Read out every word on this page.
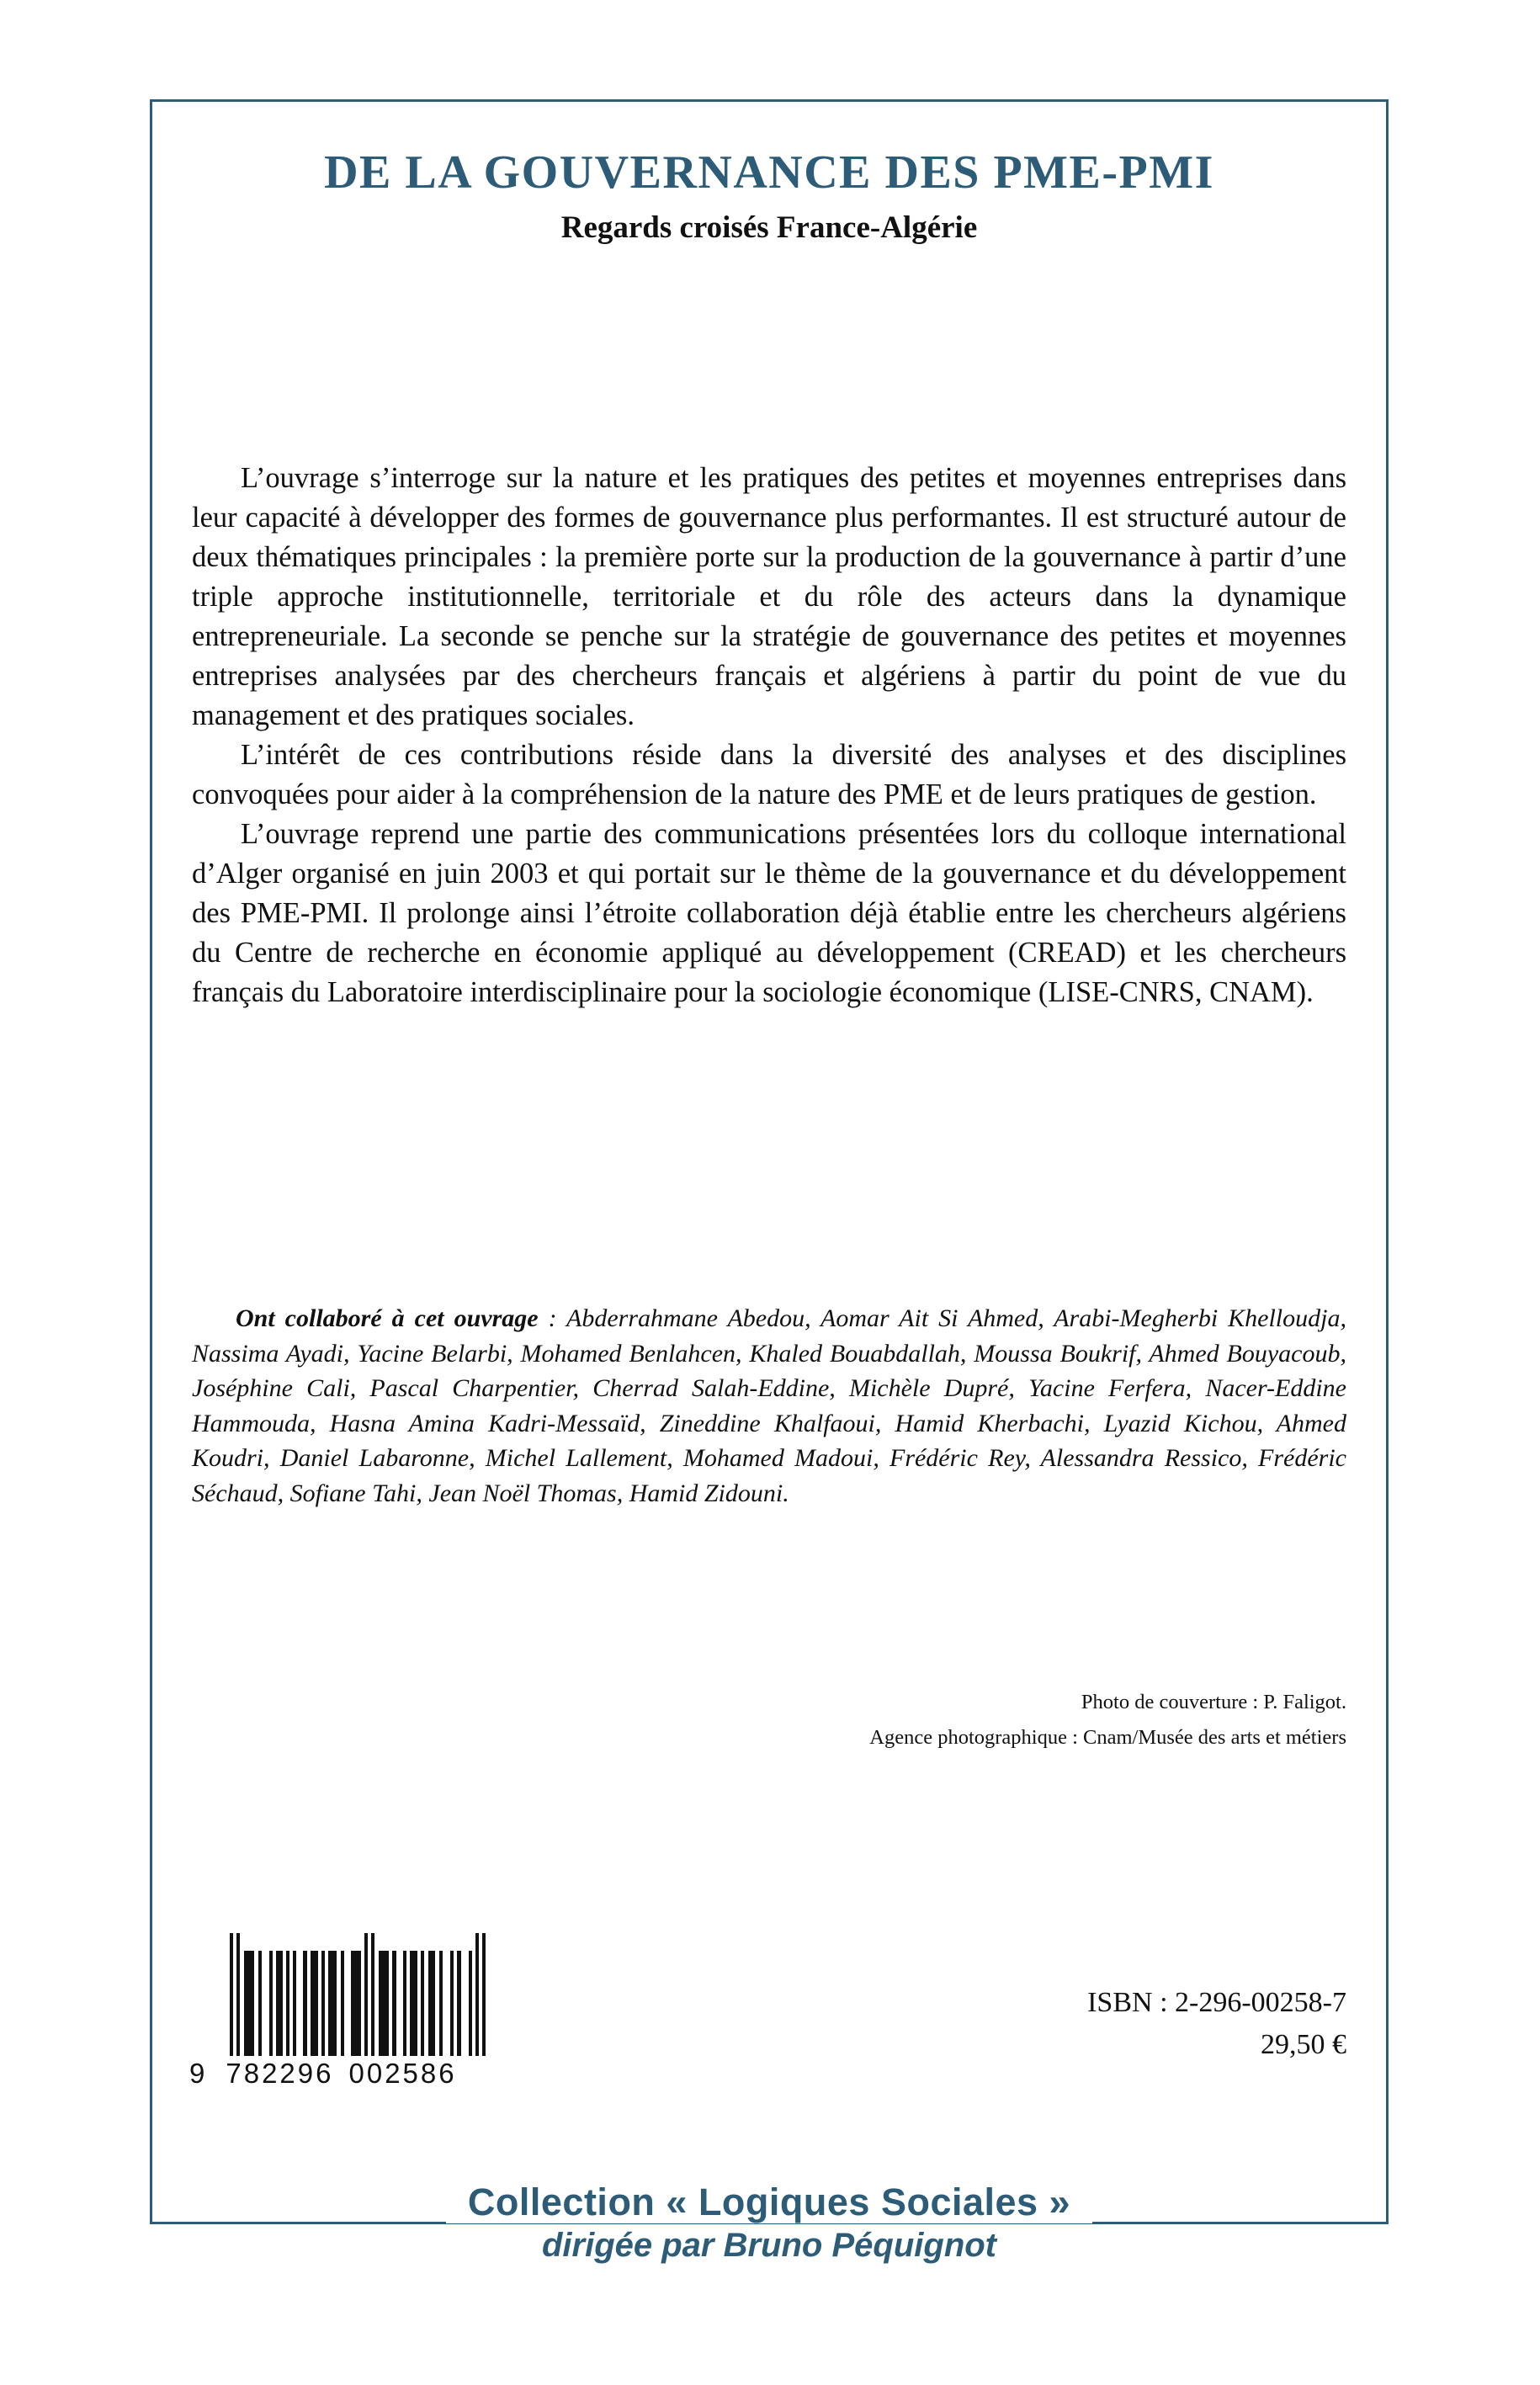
DE LA GOUVERNANCE DES PME-PMI
Regards croisés France-Algérie

L’ouvrage s’interroge sur la nature et les pratiques des petites et moyennes entreprises dans leur capacité à développer des formes de gouvernance plus performantes. Il est structuré autour de deux thématiques principales : la première porte sur la production de la gouvernance à partir d’une triple approche institutionnelle, territoriale et du rôle des acteurs dans la dynamique entrepreneuriale. La seconde se penche sur la stratégie de gouvernance des petites et moyennes entreprises analysées par des chercheurs français et algériens à partir du point de vue du management et des pratiques sociales.

L’intérêt de ces contributions réside dans la diversité des analyses et des disciplines convoquées pour aider à la compréhension de la nature des PME et de leurs pratiques de gestion.

L’ouvrage reprend une partie des communications présentées lors du colloque international d’Alger organisé en juin 2003 et qui portait sur le thème de la gouvernance et du développement des PME-PMI. Il prolonge ainsi l’étroite collaboration déjà établie entre les chercheurs algériens du Centre de recherche en économie appliqué au développement (CREAD) et les chercheurs français du Laboratoire interdisciplinaire pour la sociologie économique (LISE-CNRS, CNAM).

Ont collaboré à cet ouvrage : Abderrahmane Abedou, Aomar Ait Si Ahmed, Arabi-Megherbi Khelloudja, Nassima Ayadi, Yacine Belarbi, Mohamed Benlahcen, Khaled Bouabdallah, Moussa Boukrif, Ahmed Bouyacoub, Joséphine Cali, Pascal Charpentier, Cherrad Salah-Eddine, Michèle Dupré, Yacine Ferfera, Nacer-Eddine Hammouda, Hasna Amina Kadri-Messaïd, Zineddine Khalfaoui, Hamid Kherbachi, Lyazid Kichou, Ahmed Koudri, Daniel Labaronne, Michel Lallement, Mohamed Madoui, Frédéric Rey, Alessandra Ressico, Frédéric Séchaud, Sofiane Tahi, Jean Noël Thomas, Hamid Zidouni.

Photo de couverture : P. Faligot.
Agence photographique : Cnam/Musée des arts et métiers
9 782296 002586
ISBN : 2-296-00258-7
29,50 €
Collection « Logiques Sociales »
dirigée par Bruno Péquignot
